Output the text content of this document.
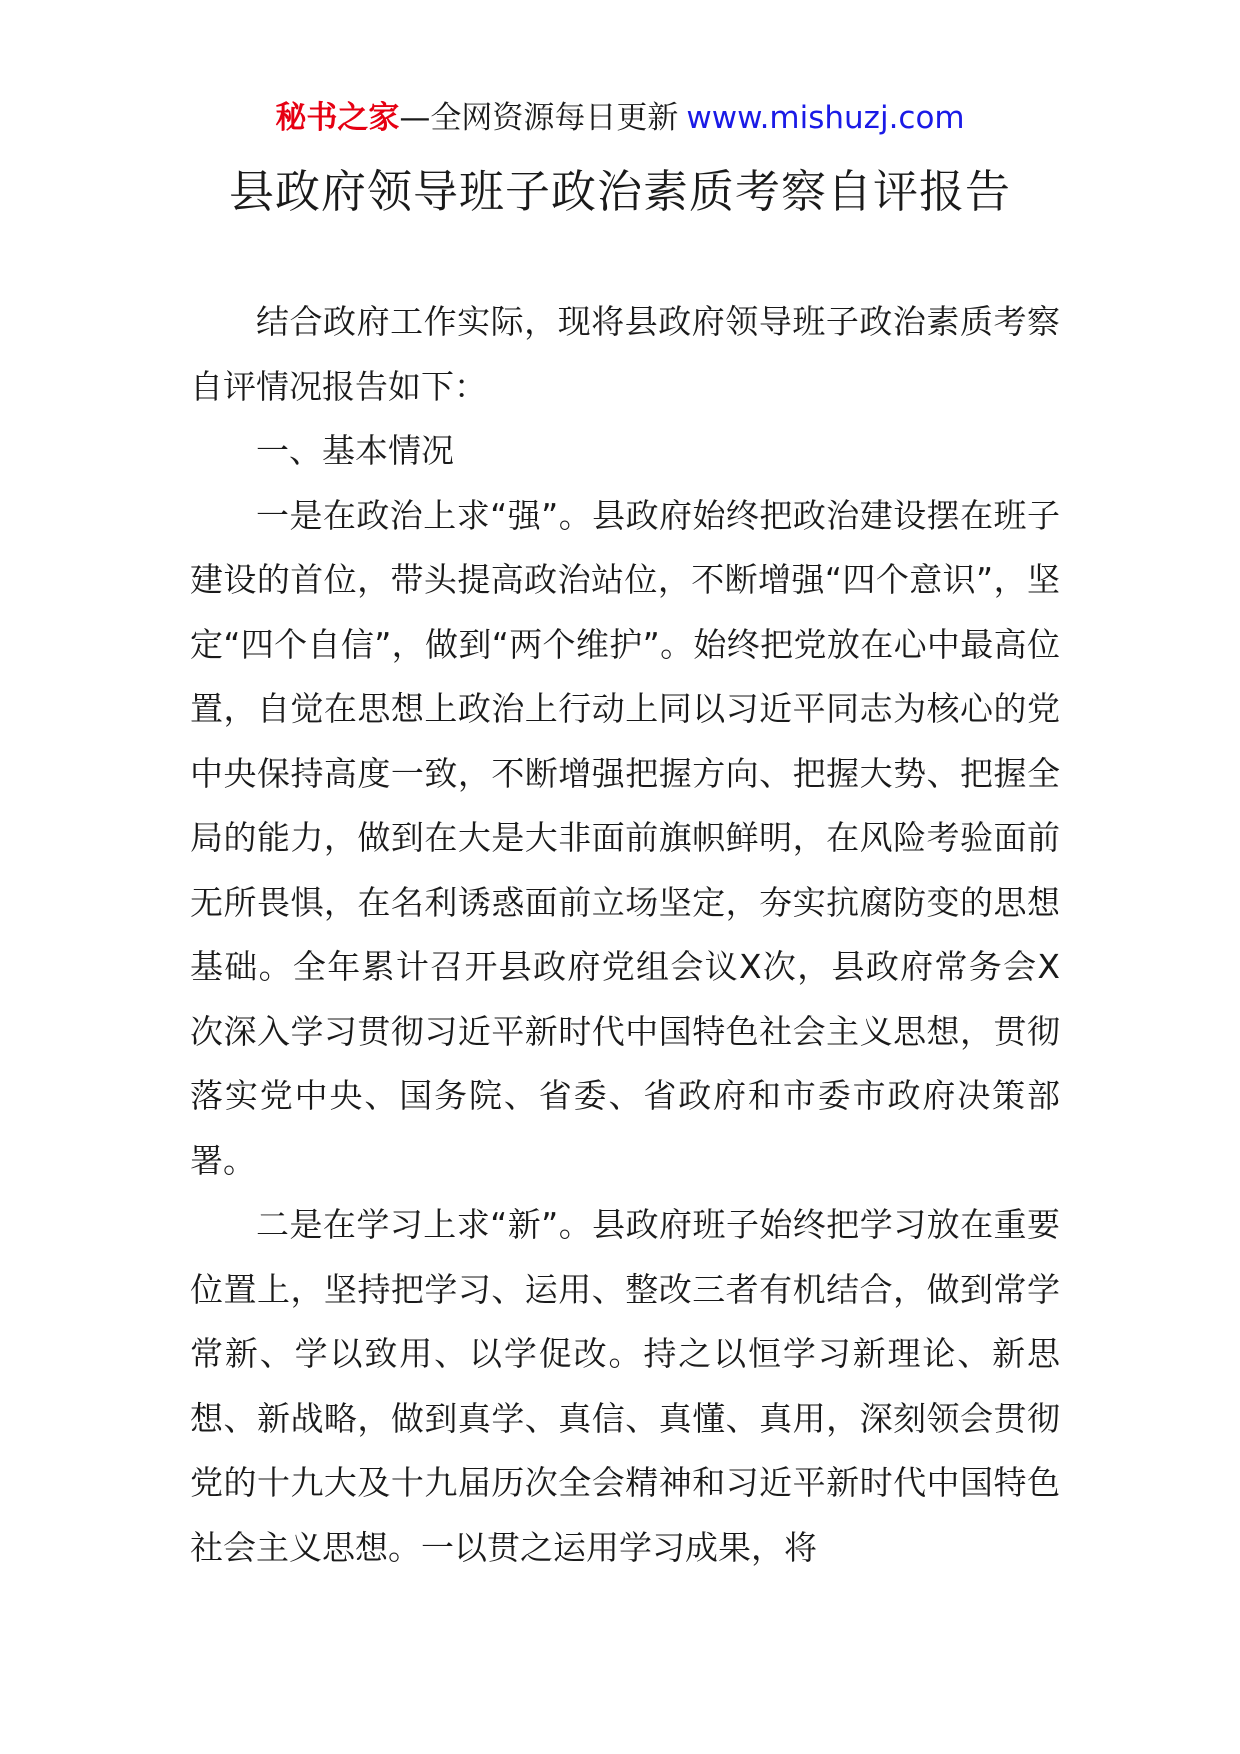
秘书之家—全网资源每日更新 www.mishuzj.com
县政府领导班子政治素质考察自评报告

结合政府工作实际，现将县政府领导班子政治素质考察自评情况报告如下：

一、基本情况

一是在政治上求“强”。县政府始终把政治建设摆在班子建设的首位，带头提高政治站位，不断增强“四个意识”，坚定“四个自信”，做到“两个维护”。始终把党放在心中最高位置，自觉在思想上政治上行动上同以习近平同志为核心的党中央保持高度一致，不断增强把握方向、把握大势、把握全局的能力，做到在大是大非面前旗帜鲜明，在风险考验面前无所畏惧，在名利诱惑面前立场坚定，夯实抗腐防变的思想基础。全年累计召开县政府党组会议X次，县政府常务会X次深入学习贯彻习近平新时代中国特色社会主义思想，贯彻落实党中央、国务院、省委、省政府和市委市政府决策部署。

二是在学习上求“新”。县政府班子始终把学习放在重要位置上，坚持把学习、运用、整改三者有机结合，做到常学常新、学以致用、以学促改。持之以恒学习新理论、新思想、新战略，做到真学、真信、真懂、真用，深刻领会贯彻党的十九大及十九届历次全会精神和习近平新时代中国特色社会主义思想。一以贯之运用学习成果，将
